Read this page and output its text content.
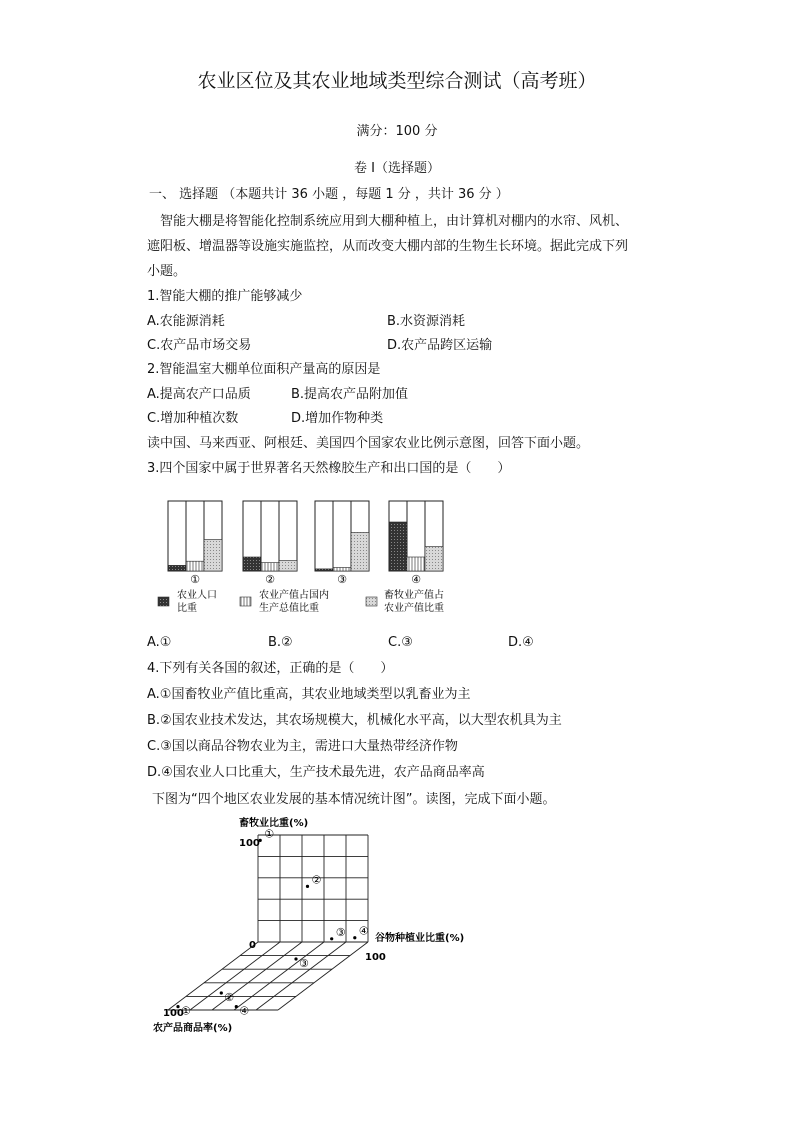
农业区位及其农业地域类型综合测试（高考班）
满分：100 分
卷 I（选择题）
一、 选择题 （本题共计 36 小题 ，每题 1 分 ，共计 36 分 ）
智能大棚是将智能化控制系统应用到大棚种植上，由计算机对棚内的水帘、风机、
遮阳板、增温器等设施实施监控，从而改变大棚内部的生物生长环境。据此完成下列
小题。
1.智能大棚的推广能够减少
A.农能源消耗	B.水资源消耗
C.农产品市场交易	D.农产品跨区运输
2.智能温室大棚单位面积产量高的原因是
A.提高农产口品质	B.提高农产品附加值
C.增加种植次数	D.增加作物种类
读中国、马来西亚、阿根廷、美国四个国家农业比例示意图，回答下面小题。
3.四个国家中属于世界著名天然橡胶生产和出口国的是（　　）
①	②	③	④
农业人口
比重
农业产值占国内
生产总值比重
畜牧业产值占
农业产值比重
A.①	B.②	C.③	D.④
4.下列有关各国的叙述，正确的是（　　）
A.①国畜牧业产值比重高，其农业地域类型以乳畜业为主
B.②国农业技术发达，其农场规模大，机械化水平高，以大型农机具为主
C.③国以商品谷物农业为主，需进口大量热带经济作物
D.④国农业人口比重大，生产技术最先进，农产品商品率高
下图为“四个地区农业发展的基本情况统计图”。读图，完成下面小题。
①
②
③ ④
①
②
③
④
畜牧业比重(%)
谷物种植业比重(%)
农产品商品率(%)
100
0
100
100
